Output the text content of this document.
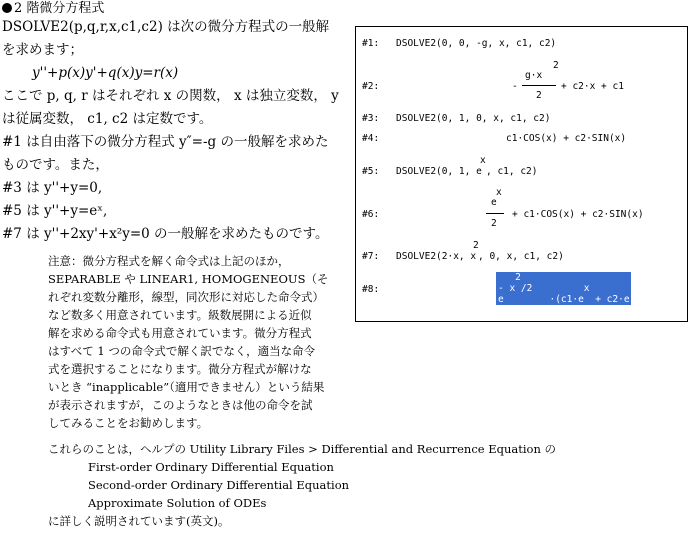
2 階微分方程式
DSOLVE2(p,q,r,x,c1,c2) は次の微分方程式の一般解
を求めます；
y''+p(x)y'+q(x)y=r(x)
ここで p, q, r はそれぞれ x の関数， x は独立変数， y
は従属変数， c1, c2 は定数です。
#1 は自由落下の微分方程式 y″=-g の一般解を求めた
ものです。また，
#3 は y''+y=0,
#5 は y''+y=eˣ,
#7 は y''+2xy'+x²y=0 の一般解を求めたものです。
#1: DSOLVE2(0, 0, -g, x, c1, c2)
#2:
2
g·x
-
2
+ c2·x + c1
#3: DSOLVE2(0, 1, 0, x, c1, c2)
#4:	c1·COS(x) + c2·SIN(x)
x
#5: DSOLVE2(0, 1, e , c1, c2)
#6:
x
e
2
+ c1·COS(x) + c2·SIN(x)
2
#7: DSOLVE2(2·x, x , 0, x, c1, c2)
#8:
2
- x /2         x        -x
e        ·(c1·e  + c2·e  )
注意：微分方程式を解く命令式は上記のほか，
SEPARABLE や LINEAR1, HOMOGENEOUS（そ
れぞれ変数分離形，線型，同次形に対応した命令式）
など数多く用意されています。級数展開による近似
解を求める命令式も用意されています。微分方程式
はすべて 1 つの命令式で解く訳でなく，適当な命令
式を選択することになります。微分方程式が解けな
いとき “inapplicable”（適用できません）という結果
が表示されますが，このようなときは他の命令を試
してみることをお勧めします。
これらのことは，ヘルプの Utility Library Files > Differential and Recurrence Equation の
First-order Ordinary Differential Equation
Second-order Ordinary Differential Equation
Approximate Solution of ODEs
に詳しく説明されています(英文)。
